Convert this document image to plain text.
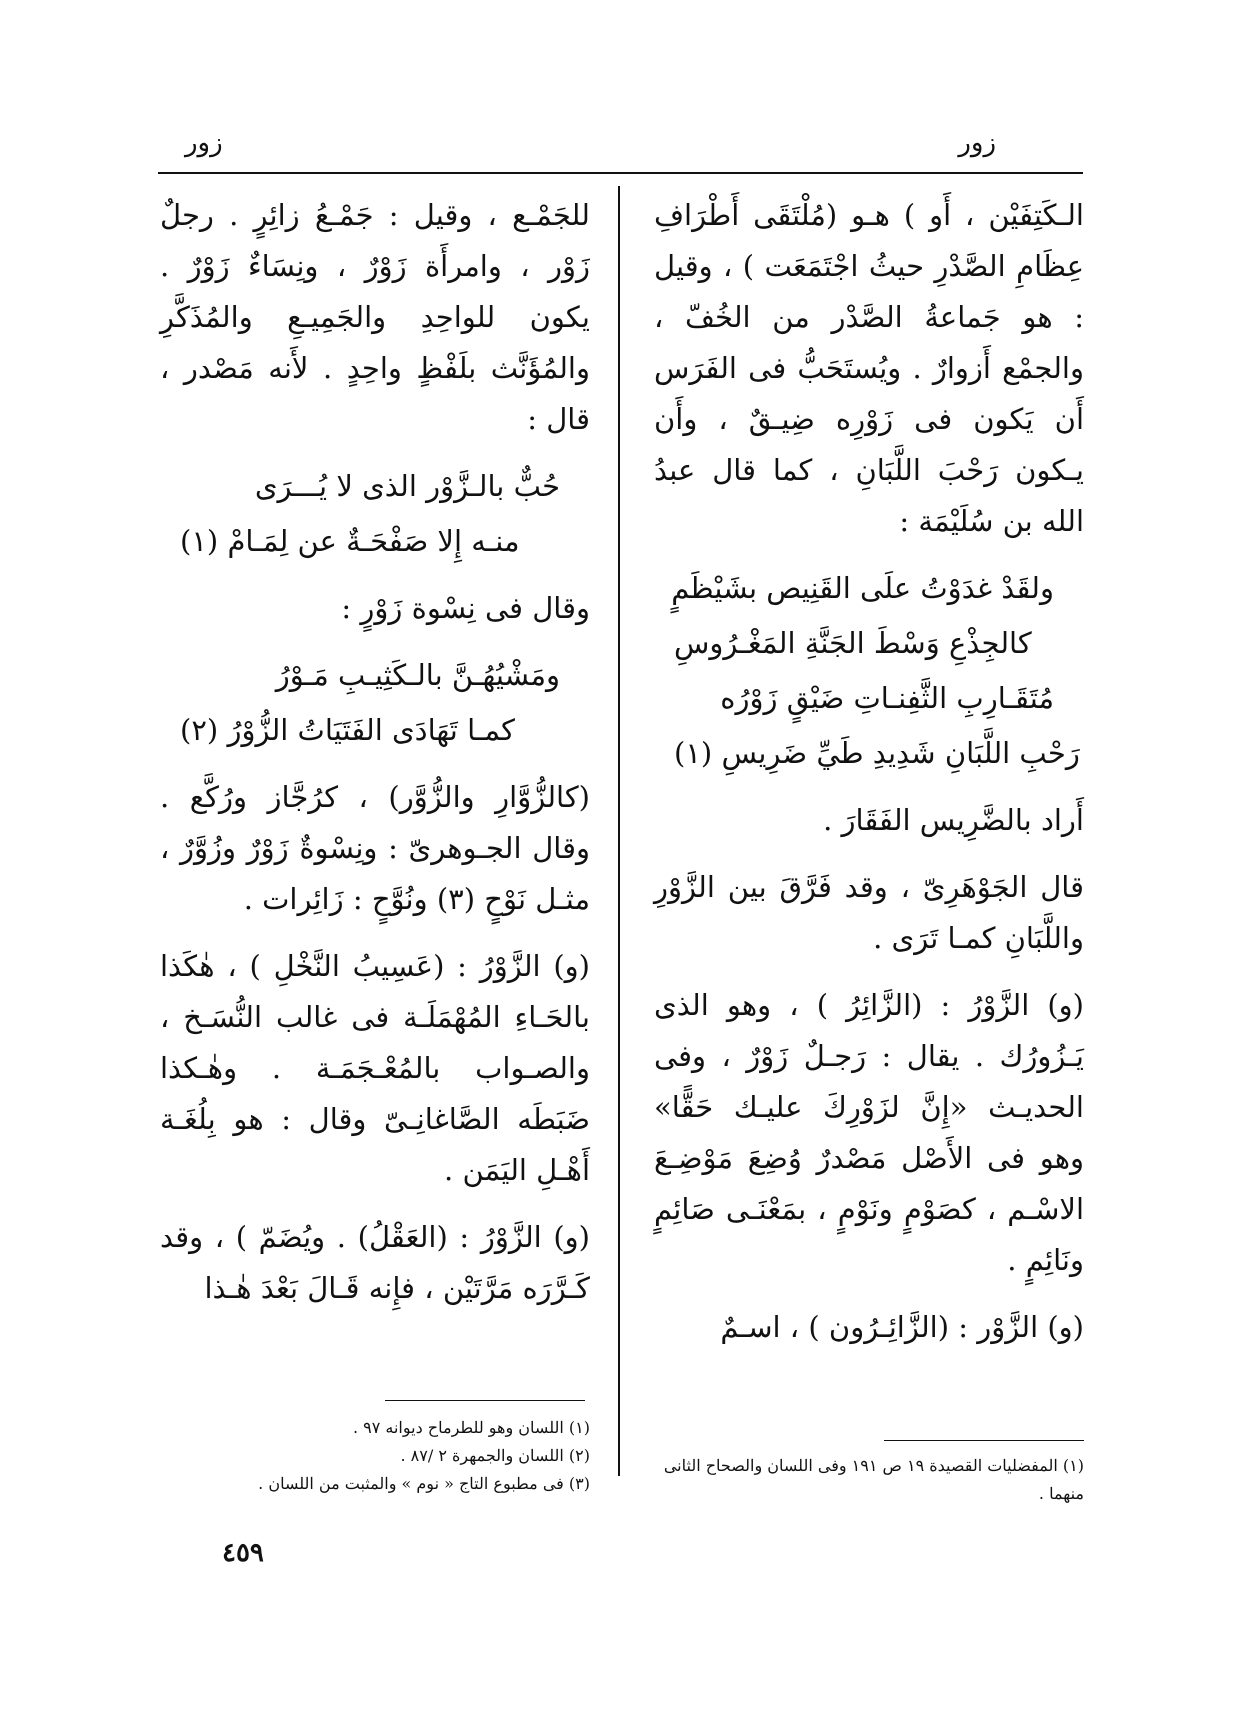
زور
زور

الـكَتِفَيْن ، أَو ) هـو (مُلْتَقَى أَطْرَافِ عِظَامِ الصَّدْرِ حيثُ اجْتَمَعَت ) ، وقيل : هو جَماعةُ الصَّدْر من الخُفّ ، والجمْع أَزوارٌ . ويُستَحَبُّ فى الفَرَس أَن يَكون فى زَوْرِه ضِيـقٌ ، وأَن يـكون رَحْبَ اللَّبَانِ ، كما قال عبدُ الله بن سُلَيْمَة :

ولقَدْ غدَوْتُ علَى القَنِيص بشَيْظَمٍ
كالجِذْعِ وَسْطَ الجَنَّةِ المَغْـرُوسِ
مُتَقَـارِبِ الثَّفِنـاتِ ضَيْقٍ زَوْرُه
رَحْبِ اللَّبَانِ شَدِيدِ طَيِّ ضَرِيسِ (١)

أَراد بالضَّرِيس الفَقَارَ .

قال الجَوْهَرِىّ ، وقد فَرَّقَ بين الزَّوْرِ واللَّبَانِ كمـا تَرَى .

(و) الزَّوْرُ : (الزَّائِرُ ) ، وهو الذى يَـزُورُك . يقال : رَجـلٌ زَوْرٌ ، وفى الحديـث «إِنَّ لزَوْرِكَ عليـك حَقًّا» وهو فى الأَصْل مَصْدرٌ وُضِعَ مَوْضِـعَ الاسْـم ، كصَوْمٍ ونَوْمٍ ، بمَعْنَـى صَائِمٍ ونَائِمٍ .

(و) الزَّوْر : (الزَّائِـرُون ) ، اسـمٌ

(١) المفضليات القصيدة ١٩ ص ١٩١ وفى اللسان والصحاح الثانى منهما .

للجَمْـع ، وقيل : جَمْـعُ زائِرٍ . رجلٌ زَوْر ، وامرأَة زَوْرٌ ، ونِسَاءٌ زَوْرٌ . يكون للواحِدِ والجَمِيـعِ والمُذَكَّرِ والمُؤَنَّث بلَفْظٍ واحِدٍ . لأَنه مَصْدر ، قال :

حُبٌّ بالـزَّوْر الذى لا يُـــرَى
منـه إِلا صَفْحَـةٌ عن لِمَـامْ (١)

وقال فى نِسْوة زَوْرٍ :

ومَشْيُهُـنَّ بالـكَثِيـبِ مَـوْرُ
كمـا تَهَادَى الفَتَيَاتُ الزُّوْرُ (٢)

(كالزُّوَّارِ والزُّوَّر) ، كرُجَّاز ورُكَّع . وقال الجـوهرىّ : ونِسْوةٌ زَوْرٌ وزُوَّرٌ ، مثـل نَوْحٍ (٣) ونُوَّحٍ : زَائِرات .

(و) الزَّوْرُ : (عَسِيبُ النَّخْلِ ) ، هٰكَذا بالحَـاءِ المُهْمَلَـة فى غالب النُّسَـخ ، والصـواب بالمُعْـجَمَـة . وهٰـكذا ضَبَطَه الصَّاغانِـىّ وقال : هو بِلُغَـة أَهْـلِ اليَمَن .

(و) الزَّوْرُ : (العَقْلُ) . ويُضَمّ ) ، وقد كَـرَّرَه مَرَّتَيْن ، فإِنه قَـالَ بَعْدَ هٰـذا

(١) اللسان وهو للطرماح ديوانه ٩٧ .
(٢) اللسان والجمهرة ٢ /٨٧ .
(٣) فى مطبوع التاج « نوم » والمثبت من اللسان .
٤٥٩
